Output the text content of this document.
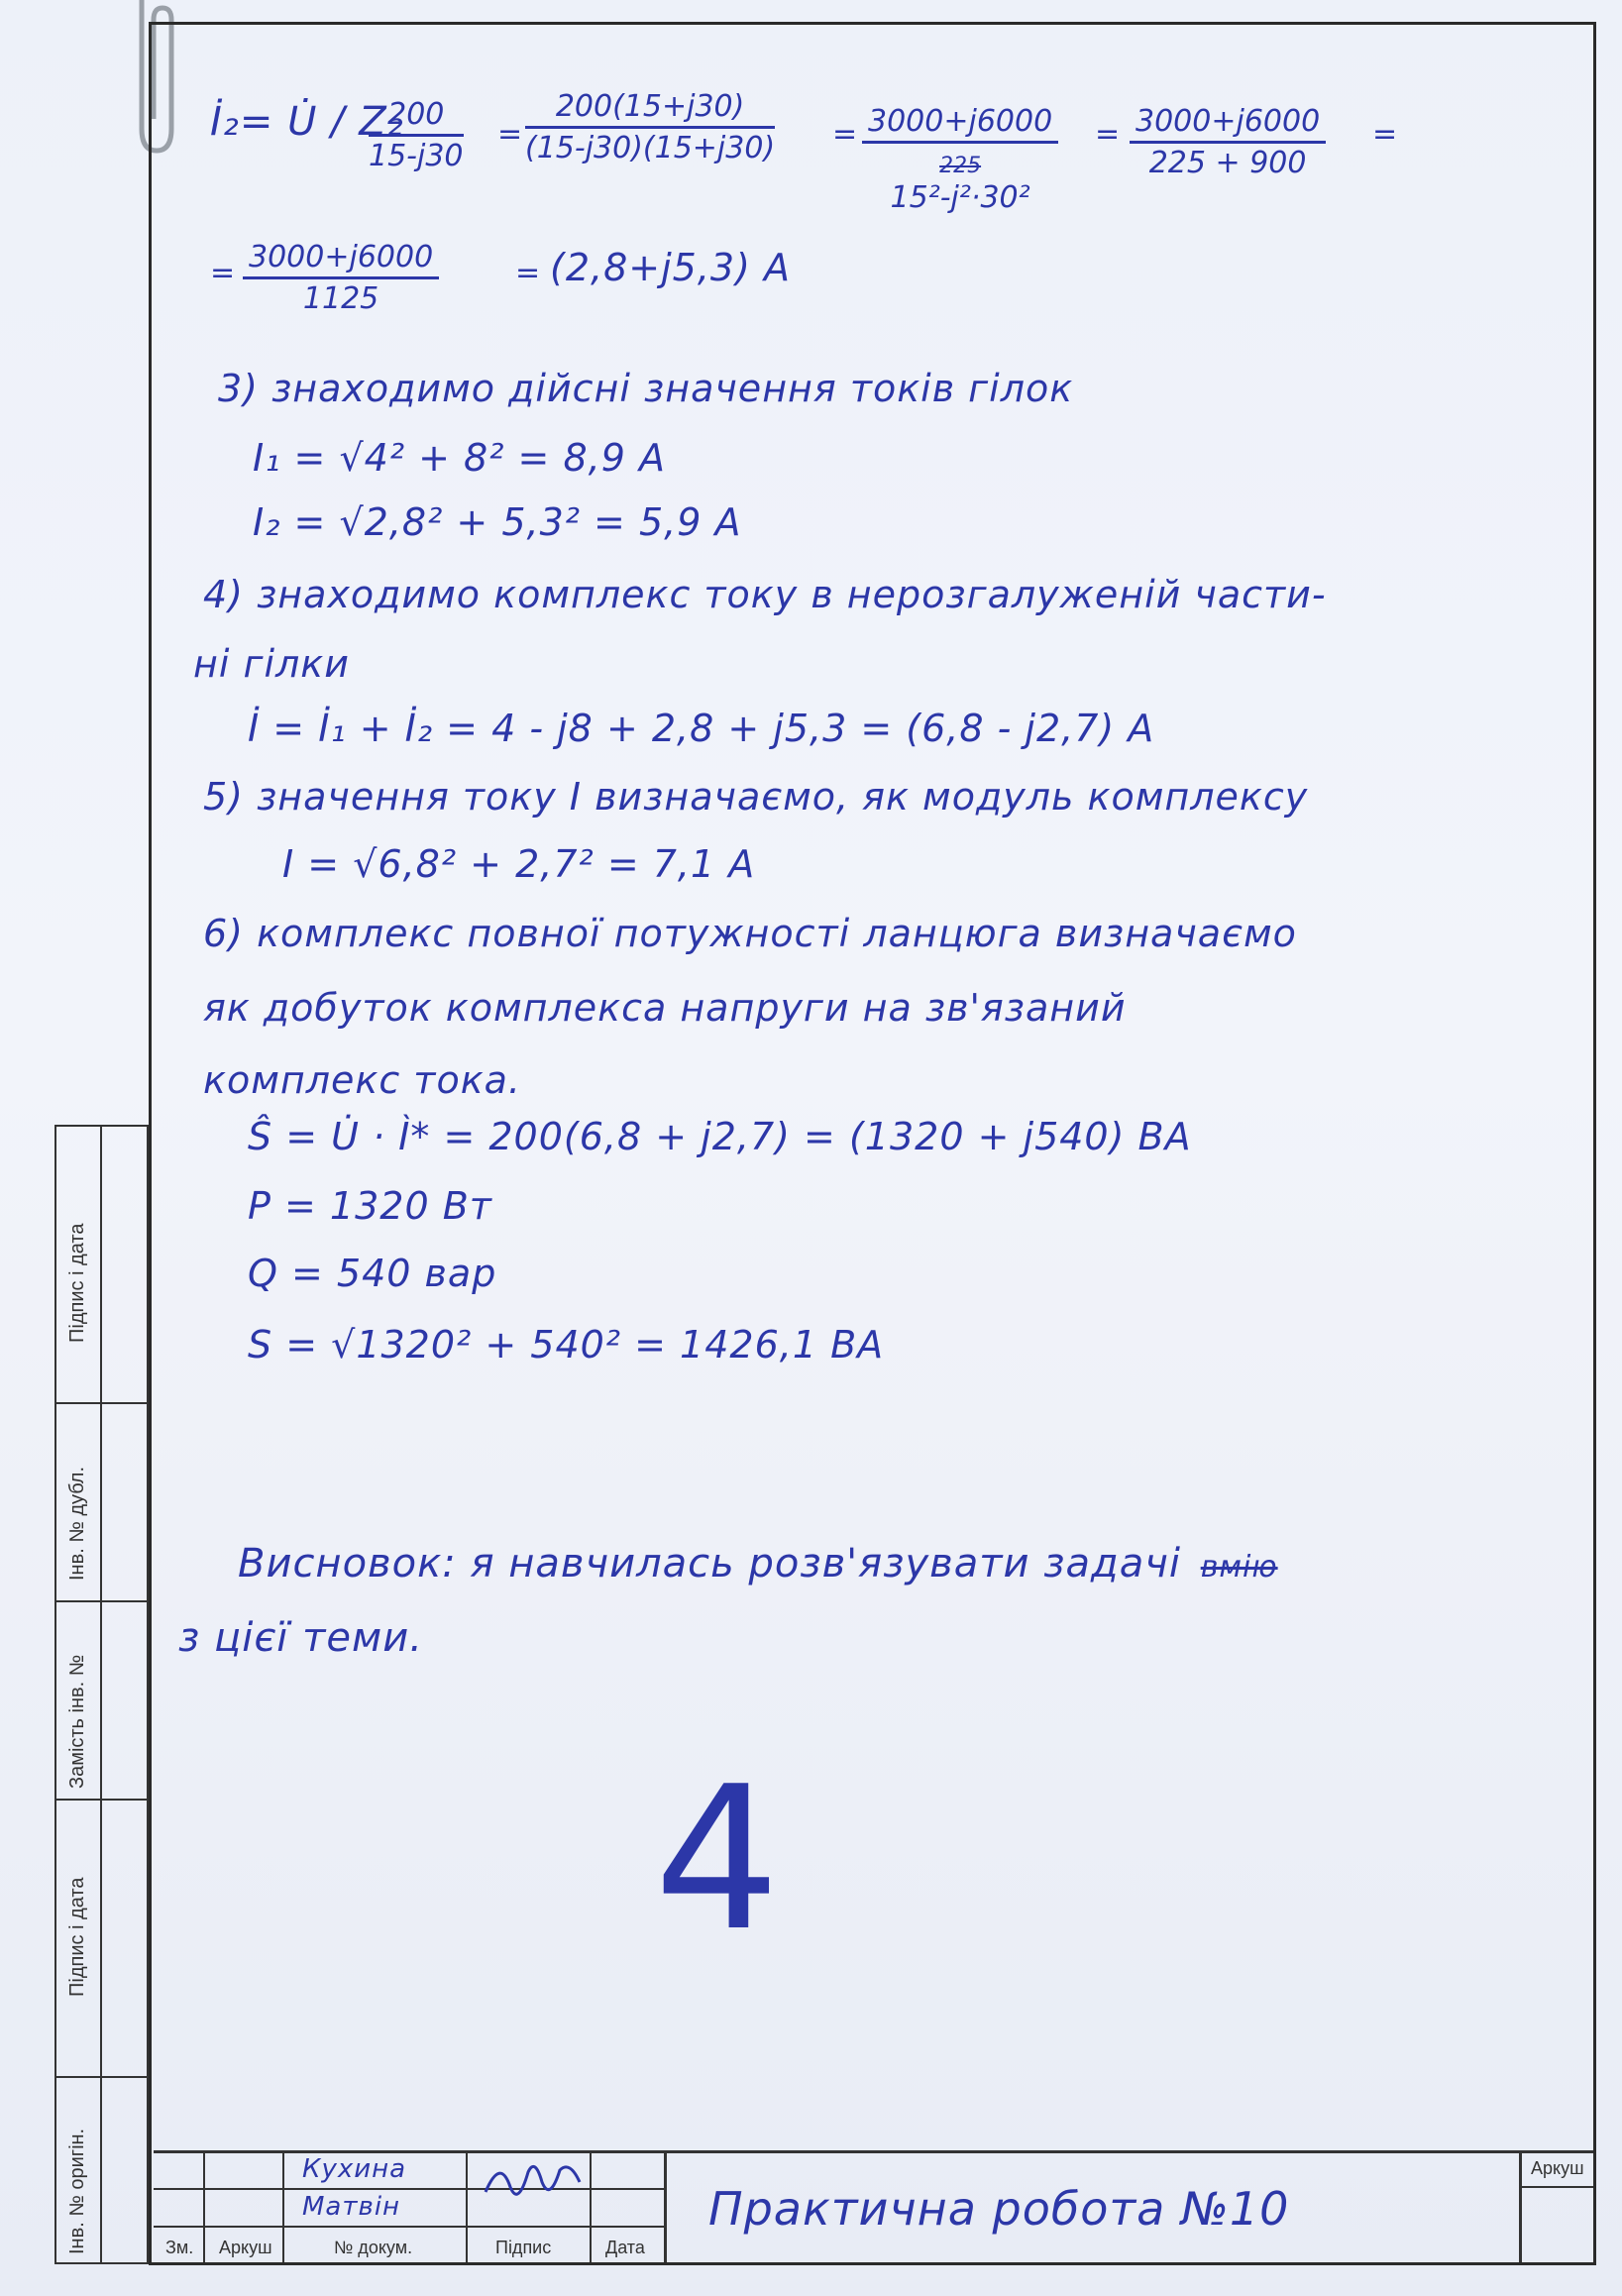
İ₂= U̇ / Z₂
$\frac{200}{15-j30} = \frac{200(15+j30)}{(15-j30)(15+j30)} = 3000+j6000$
225
15²-j²·30²
= $\frac{3000+j6000}{225 + 900}$ =
= $\frac{3000+j6000}{1125}$	= (2,8+j5,3) A
3) знаходимо дійсні значення токів гілок
I₁ = √4² + 8² = 8,9 A
I₂ = √2,8² + 5,3² = 5,9 A
4) знаходимо комплекс току в нерозгалуженій части-
ні гілки
İ = İ₁ + İ₂ = 4 - j8 + 2,8 + j5,3 = (6,8 - j2,7) A
5) значення току I визначаємо, як модуль комплексу
I = √6,8² + 2,7² = 7,1 A
6) комплекс повної потужності ланцюга визначаємо
як добуток комплекса напруги на зв'язаний
комплекс тока.
Ŝ = U̇ · Ì* = 200(6,8 + j2,7) = (1320 + j540) BA
P = 1320 Вт
Q = 540 вар
S = √1320² + 540² = 1426,1 BA
Висновок: я навчилась розв'язувати задачі вмію
з цієї теми.
4
Підпис і дата
Інв. № дубл.
Замість інв. №
Підпис і дата
Інв. № оригін.	Зм. Аркуш	№ докум.	Підпис	Дата
Аркуш
Кухина
Матвін	Практична робота №10
